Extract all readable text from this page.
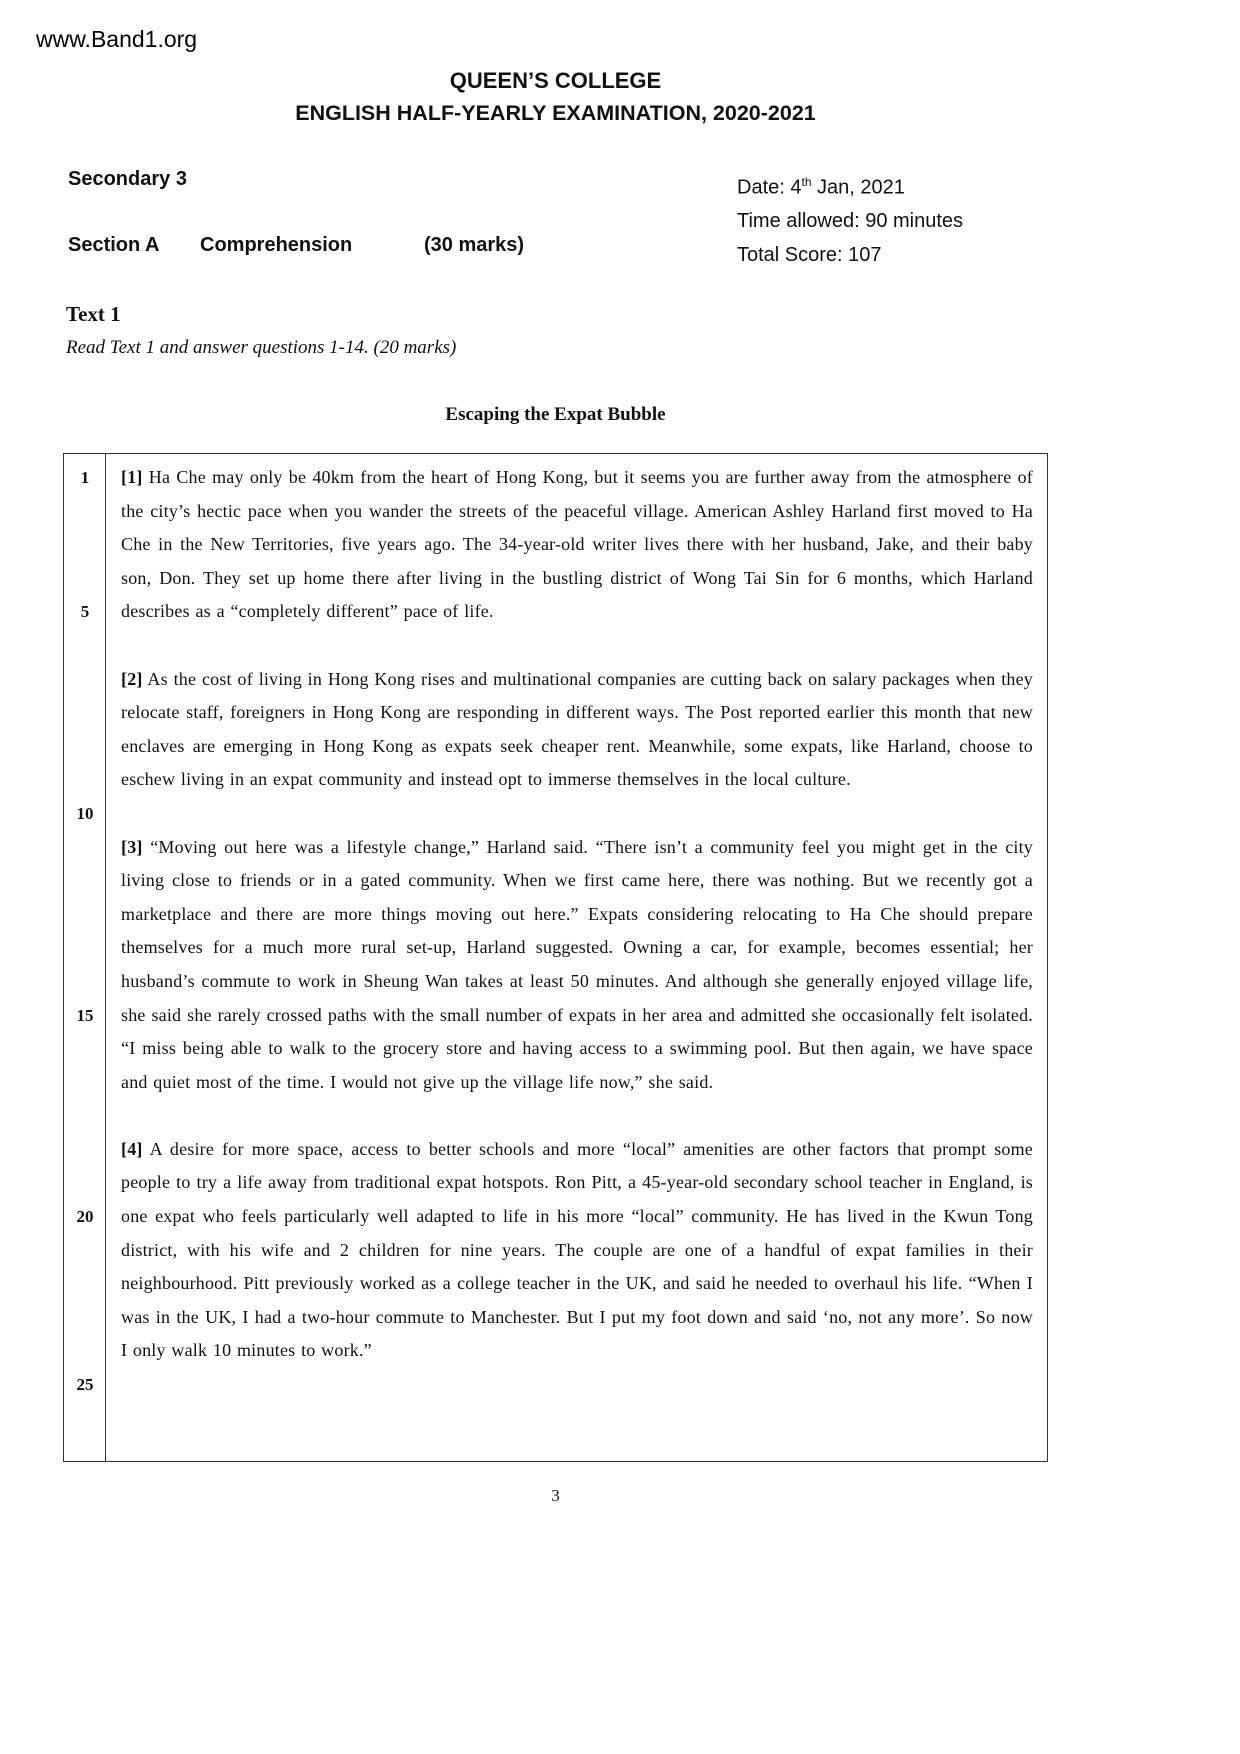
www.Band1.org
QUEEN’S COLLEGE
ENGLISH HALF-YEARLY EXAMINATION, 2020-2021
Secondary 3
Section A Comprehension	(30 marks)
Date: 4th Jan, 2021
Time allowed: 90 minutes
Total Score: 107
Text 1
Read Text 1 and answer questions 1-14. (20 marks)
Escaping the Expat Bubble
1
5
10
15
20
25

[1] Ha Che may only be 40km from the heart of Hong Kong, but it seems you are further away from the atmosphere of the city’s hectic pace when you wander the streets of the peaceful village. American Ashley Harland first moved to Ha Che in the New Territories, five years ago. The 34-year-old writer lives there with her husband, Jake, and their baby son, Don. They set up home there after living in the bustling district of Wong Tai Sin for 6 months, which Harland describes as a “completely different” pace of life.

[2] As the cost of living in Hong Kong rises and multinational companies are cutting back on salary packages when they relocate staff, foreigners in Hong Kong are responding in different ways. The Post reported earlier this month that new enclaves are emerging in Hong Kong as expats seek cheaper rent. Meanwhile, some expats, like Harland, choose to eschew living in an expat community and instead opt to immerse themselves in the local culture.

[3] “Moving out here was a lifestyle change,” Harland said. “There isn’t a community feel you might get in the city living close to friends or in a gated community. When we first came here, there was nothing. But we recently got a marketplace and there are more things moving out here.” Expats considering relocating to Ha Che should prepare themselves for a much more rural set-up, Harland suggested. Owning a car, for example, becomes essential; her husband’s commute to work in Sheung Wan takes at least 50 minutes. And although she generally enjoyed village life, she said she rarely crossed paths with the small number of expats in her area and admitted she occasionally felt isolated. “I miss being able to walk to the grocery store and having access to a swimming pool. But then again, we have space and quiet most of the time. I would not give up the village life now,” she said.

[4] A desire for more space, access to better schools and more “local” amenities are other factors that prompt some people to try a life away from traditional expat hotspots. Ron Pitt, a 45-year-old secondary school teacher in England, is one expat who feels particularly well adapted to life in his more “local” community. He has lived in the Kwun Tong district, with his wife and 2 children for nine years. The couple are one of a handful of expat families in their neighbourhood. Pitt previously worked as a college teacher in the UK, and said he needed to overhaul his life. “When I was in the UK, I had a two-hour commute to Manchester. But I put my foot down and said ‘no, not any more’. So now I only walk 10 minutes to work.”

3
